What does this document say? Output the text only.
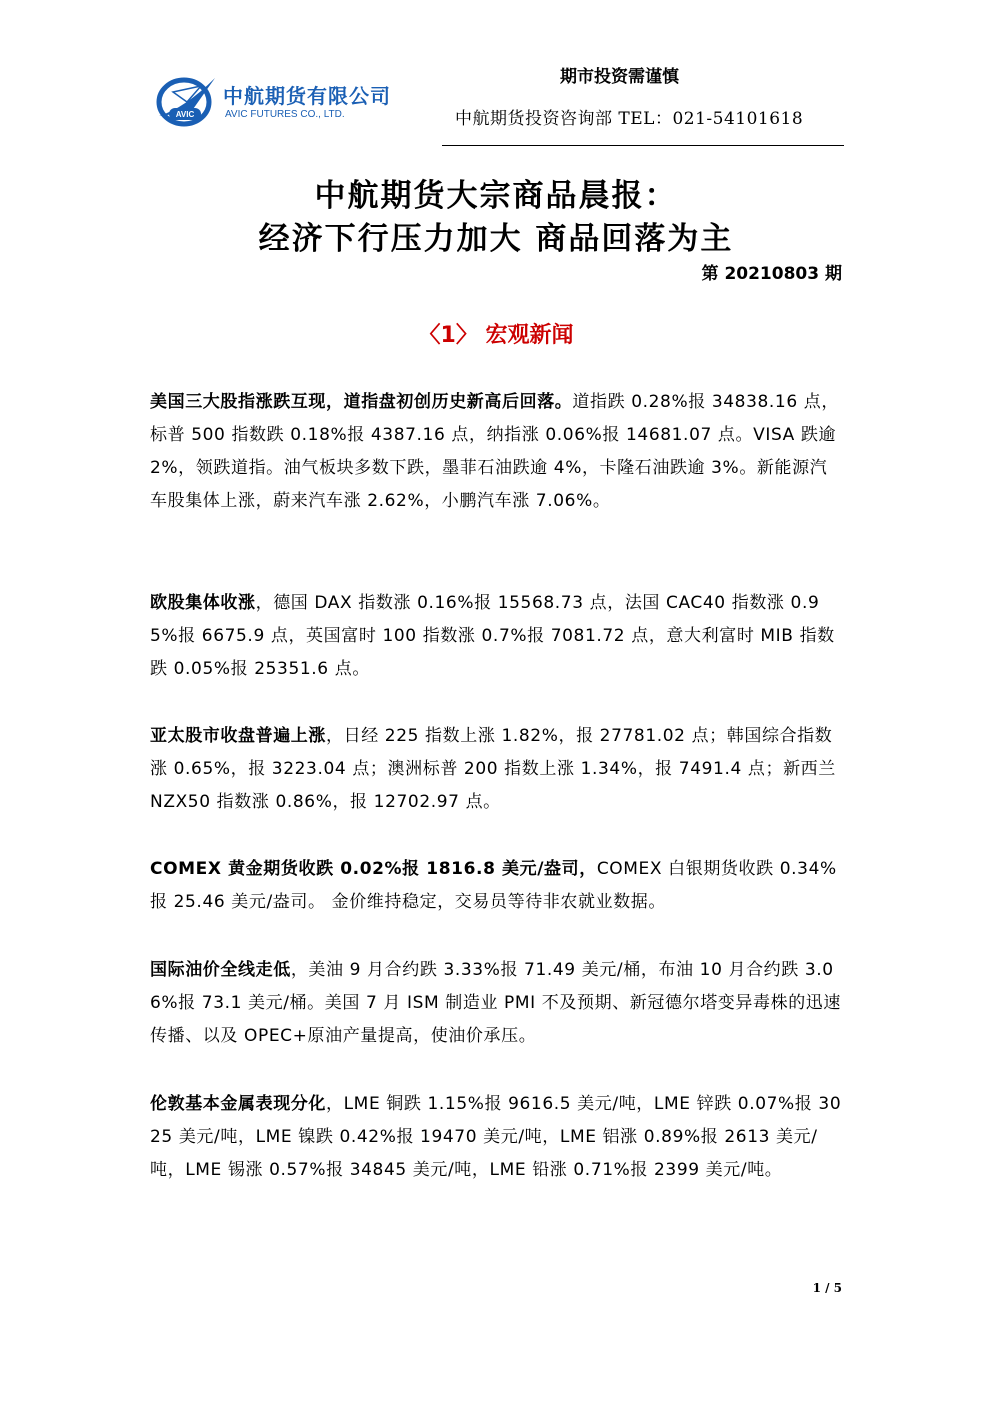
AVIC
中航期货有限公司
AVIC FUTURES CO., LTD.
期市投资需谨慎
中航期货投资咨询部 TEL：021-54101618
中航期货大宗商品晨报：
经济下行压力加大 商品回落为主
第 20210803 期
〈1〉 宏观新闻
美国三大股指涨跌互现，道指盘初创历史新高后回落。道指跌 0.28%报 34838.16 点，标普 500 指数跌 0.18%报 4387.16 点，纳指涨 0.06%报 14681.07 点。VISA 跌逾 2%，领跌道指。油气板块多数下跌，墨菲石油跌逾 4%，卡隆石油跌逾 3%。新能源汽车股集体上涨，蔚来汽车涨 2.62%，小鹏汽车涨 7.06%。
欧股集体收涨，德国 DAX 指数涨 0.16%报 15568.73 点，法国 CAC40 指数涨 0.95%报 6675.9 点，英国富时 100 指数涨 0.7%报 7081.72 点，意大利富时 MIB 指数跌 0.05%报 25351.6 点。
亚太股市收盘普遍上涨，日经 225 指数上涨 1.82%，报 27781.02 点；韩国综合指数涨 0.65%，报 3223.04 点；澳洲标普 200 指数上涨 1.34%，报 7491.4 点；新西兰 NZX50 指数涨 0.86%，报 12702.97 点。
COMEX 黄金期货收跌 0.02%报 1816.8 美元/盎司，COMEX 白银期货收跌 0.34%报 25.46 美元/盎司。 金价维持稳定，交易员等待非农就业数据。
国际油价全线走低，美油 9 月合约跌 3.33%报 71.49 美元/桶，布油 10 月合约跌 3.06%报 73.1 美元/桶。美国 7 月 ISM 制造业 PMI 不及预期、新冠德尔塔变异毒株的迅速传播、以及 OPEC+原油产量提高，使油价承压。
伦敦基本金属表现分化，LME 铜跌 1.15%报 9616.5 美元/吨，LME 锌跌 0.07%报 3025 美元/吨，LME 镍跌 0.42%报 19470 美元/吨，LME 铝涨 0.89%报 2613 美元/吨，LME 锡涨 0.57%报 34845 美元/吨，LME 铅涨 0.71%报 2399 美元/吨。
1 / 5
